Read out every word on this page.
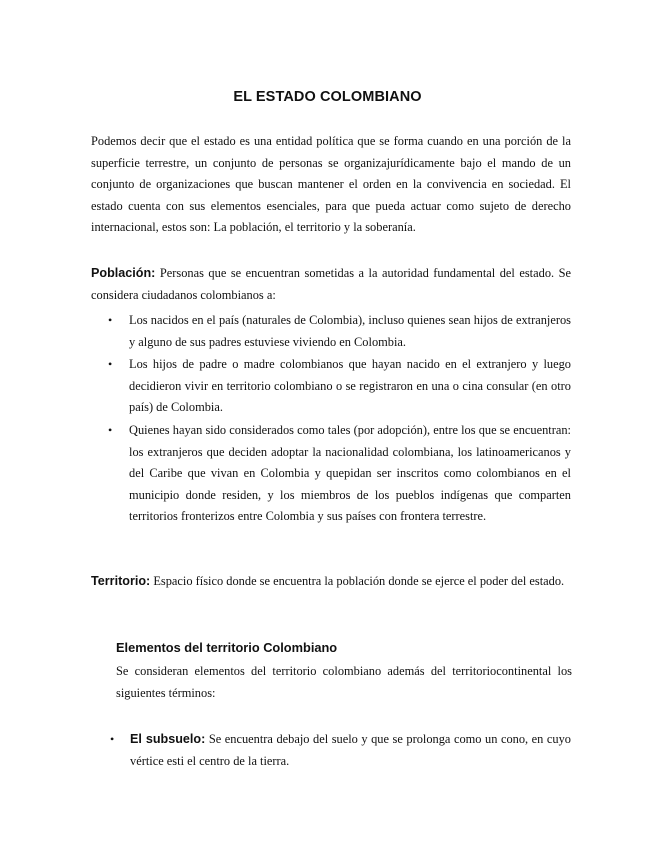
EL ESTADO COLOMBIANO

Podemos decir que el estado es una entidad política que se forma cuando en una porción de la superficie terrestre, un conjunto de personas se organizajurídicamente bajo el mando de un conjunto de organizaciones que buscan mantener el orden en la convivencia en sociedad. El estado cuenta con sus elementos esenciales, para que pueda actuar como sujeto de derecho internacional, estos son: La población, el territorio y la soberanía.

Población: Personas que se encuentran sometidas a la autoridad fundamental del estado. Se considera ciudadanos colombianos a:

• Los nacidos en el país (naturales de Colombia), incluso quienes sean hijos de extranjeros y alguno de sus padres estuviese viviendo en Colombia.
• Los hijos de padre o madre colombianos que hayan nacido en el extranjero y luego decidieron vivir en territorio colombiano o se registraron en una o cina consular (en otro país) de Colombia.
• Quienes hayan sido considerados como tales (por adopción), entre los que se encuentran: los extranjeros que deciden adoptar la nacionalidad colombiana, los latinoamericanos y del Caribe que vivan en Colombia y quepidan ser inscritos como colombianos en el municipio donde residen, y los miembros de los pueblos indígenas que comparten territorios fronterizos entre Colombia y sus países con frontera terrestre.

Territorio: Espacio físico donde se encuentra la población donde se ejerce el poder del estado.

Elementos del territorio Colombiano

Se consideran elementos del territorio colombiano además del territoriocontinental los siguientes términos:

• El subsuelo: Se encuentra debajo del suelo y que se prolonga como un cono, en cuyo vértice esti el centro de la tierra.
